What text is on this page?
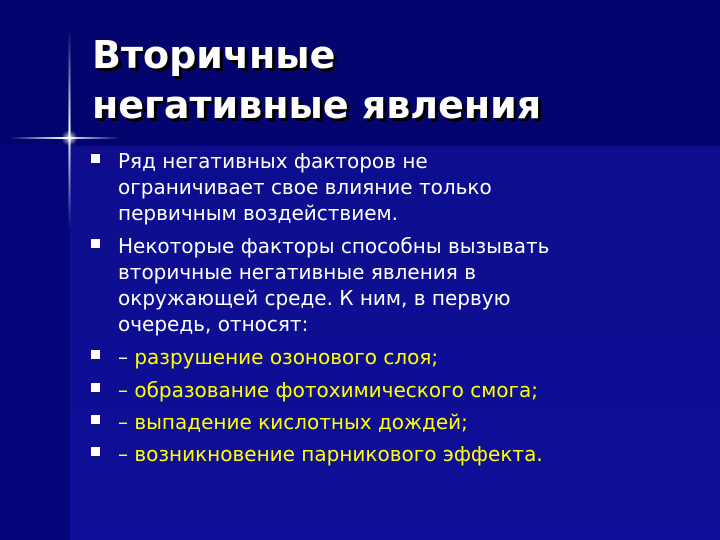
Вторичные
негативные явления
Ряд негативных факторов не
ограничивает свое влияние только
первичным воздействием.
Некоторые факторы способны вызывать
вторичные негативные явления в
окружающей среде. К ним, в первую
очередь, относят:
– разрушение озонового слоя;
– образование фотохимического смога;
– выпадение кислотных дождей;
– возникновение парникового эффекта.
